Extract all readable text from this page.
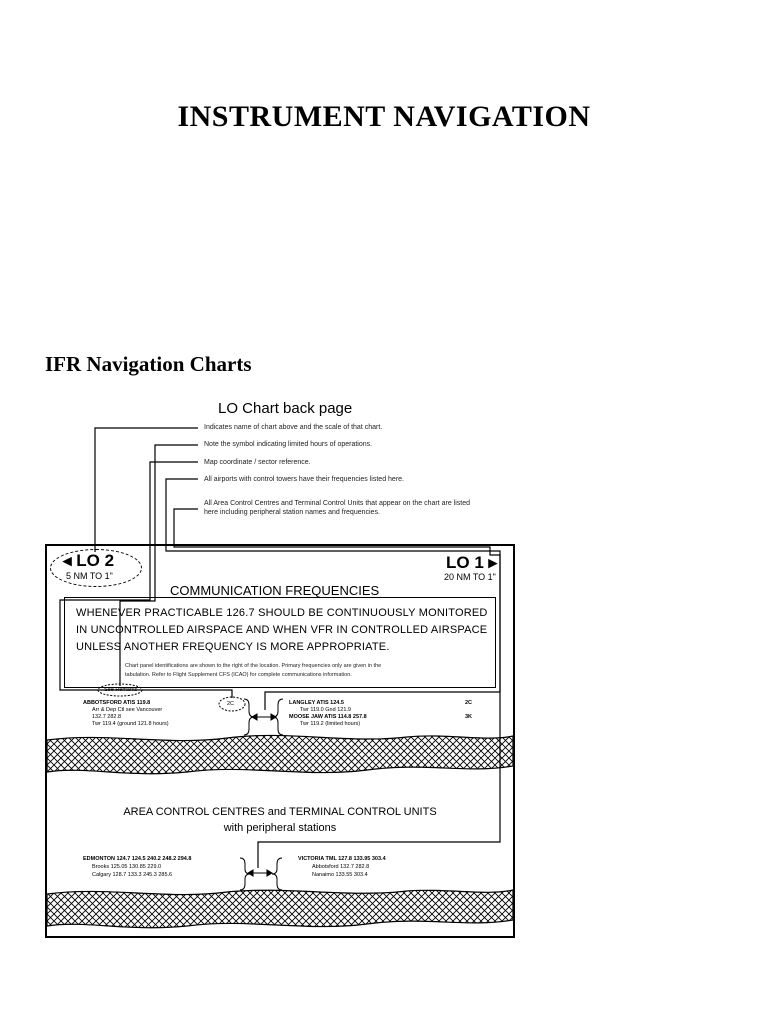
INSTRUMENT NAVIGATION
IFR Navigation Charts
LO Chart back page
Indicates name of chart above and the scale of that chart.
Note the symbol indicating limited hours of operations.
Map coordinate / sector reference.
All airports with control towers have their frequencies listed here.
All Area Control Centres and Terminal Control Units that appear on the chart are listed here including peripheral station names and frequencies.
◂ LO 2
5 NM TO 1"
LO 1 ▸
20 NM TO 1"
COMMUNICATION FREQUENCIES
WHENEVER PRACTICABLE 126.7 SHOULD BE CONTINUOUSLY MONITORED
IN UNCONTROLLED AIRSPACE AND WHEN VFR IN CONTROLLED AIRSPACE
UNLESS ANOTHER FREQUENCY IS MORE APPROPRIATE.
Chart panel identifications are shown to the right of the location. Primary frequencies only are given in the
tabulation. Refer to Flight Supplement CFS (ICAO) for complete communications information.
See Remarks
ABBOTSFORD ATIS 119.8
Arr & Dep Ctl see Vancouver
132.7 282.8
Twr 119.4 (ground 121.8 hours)
2C	LANGLEY ATIS 124.5
Twr 119.0 Gnd 121.9
MOOSE JAW ATIS 114.8 257.8
Twr 119.2 (limited hours)
2C
3K
AREA CONTROL CENTRES and TERMINAL CONTROL UNITS
with peripheral stations
EDMONTON 124.7 124.5 240.2 248.2 294.8
Brooks 125.05 130.85 229.0
Calgary 128.7 133.3 245.3 285.6
VICTORIA TML 127.8 133.95 303.4
Abbotsford 132.7 282.8
Nanaimo 133.55 303.4
